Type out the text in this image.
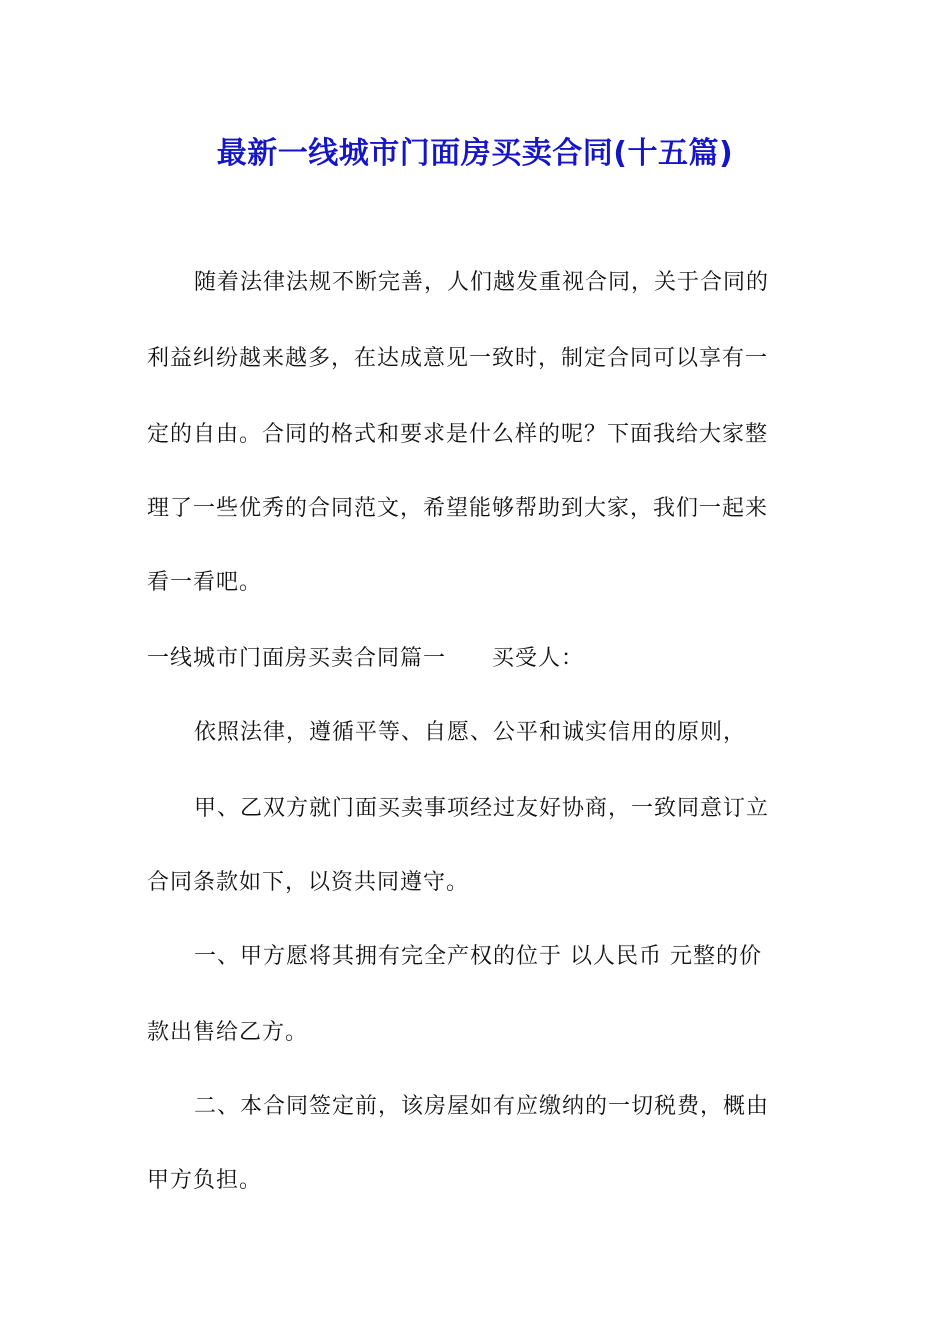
最新一线城市门面房买卖合同(十五篇)
随着法律法规不断完善，人们越发重视合同，关于合同的
利益纠纷越来越多，在达成意见一致时，制定合同可以享有一
定的自由。合同的格式和要求是什么样的呢？下面我给大家整
理了一些优秀的合同范文，希望能够帮助到大家，我们一起来
看一看吧。
一线城市门面房买卖合同篇一　　买受人：
依照法律，遵循平等、自愿、公平和诚实信用的原则，
甲、乙双方就门面买卖事项经过友好协商，一致同意订立
合同条款如下，以资共同遵守。
一、甲方愿将其拥有完全产权的位于 以人民币 元整的价
款出售给乙方。
二、本合同签定前，该房屋如有应缴纳的一切税费，概由
甲方负担。
